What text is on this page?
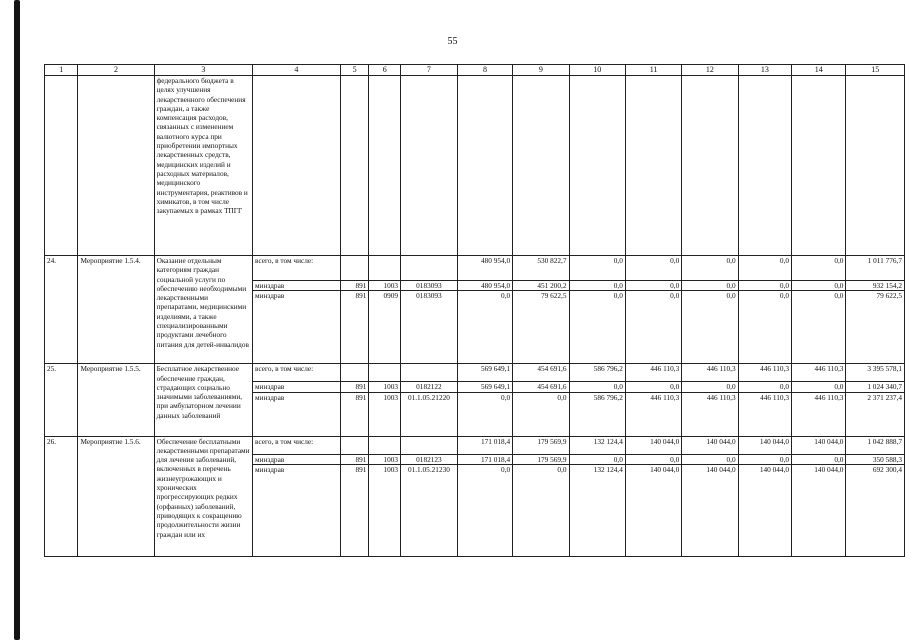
55
1	2	3	4	5	6	7	8	9	10	11	12	13	14	15
		федерального бюджета в целях улучшения лекарственного обеспечения граждан, а также компенсация расходов, связанных с изменением валютного курса при приобретении импортных лекарственных средств, медицинских изделий и расходных материалов, медицинского инструментария, реактивов и химикатов, в том числе закупаемых в рамках ТПГГ												
24.	Мероприятие 1.5.4.	Оказание отдельным категориям граждан социальной услуги по обеспечению необходимыми лекарственными препаратами, медицинскими изделиями, а также специализированными продуктами лечебного питания для детей-инвалидов	всего, в том числе:				480 954,0	530 822,7	0,0	0,0	0,0	0,0	0,0	1 011 776,7
			минздрав	891	1003	0183093	480 954,0	451 200,2	0,0	0,0	0,0	0,0	0,0	932 154,2
			минздрав	891	0909	0183093	0,0	79 622,5	0,0	0,0	0,0	0,0	0,0	79 622,5
25.	Мероприятие 1.5.5.	Бесплатное лекарственное обеспечение граждан, страдающих социально значимыми заболеваниями, при амбулаторном лечении данных заболеваний	всего, в том числе:				569 649,1	454 691,6	586 796,2	446 110,3	446 110,3	446 110,3	446 110,3	3 395 578,1
			минздрав	891	1003	0182122	569 649,1	454 691,6	0,0	0,0	0,0	0,0	0,0	1 024 340,7
			минздрав	891	1003	01.1.05.21220	0,0	0,0	586 796,2	446 110,3	446 110,3	446 110,3	446 110,3	2 371 237,4
26.	Мероприятие 1.5.6.	Обеспечение бесплатными лекарственными препаратами для лечения заболеваний, включенных в перечень жизнеугрожающих и хронических прогрессирующих редких (орфанных) заболеваний, приводящих к сокращению продолжительности жизни граждан или их	всего, в том числе:				171 018,4	179 569,9	132 124,4	140 044,0	140 044,0	140 044,0	140 044,0	1 042 888,7
			минздрав	891	1003	0182123	171 018,4	179 569,9	0,0	0,0	0,0	0,0	0,0	350 588,3
			минздрав	891	1003	01.1.05.21230	0,0	0,0	132 124,4	140 044,0	140 044,0	140 044,0	140 044,0	692 300,4
